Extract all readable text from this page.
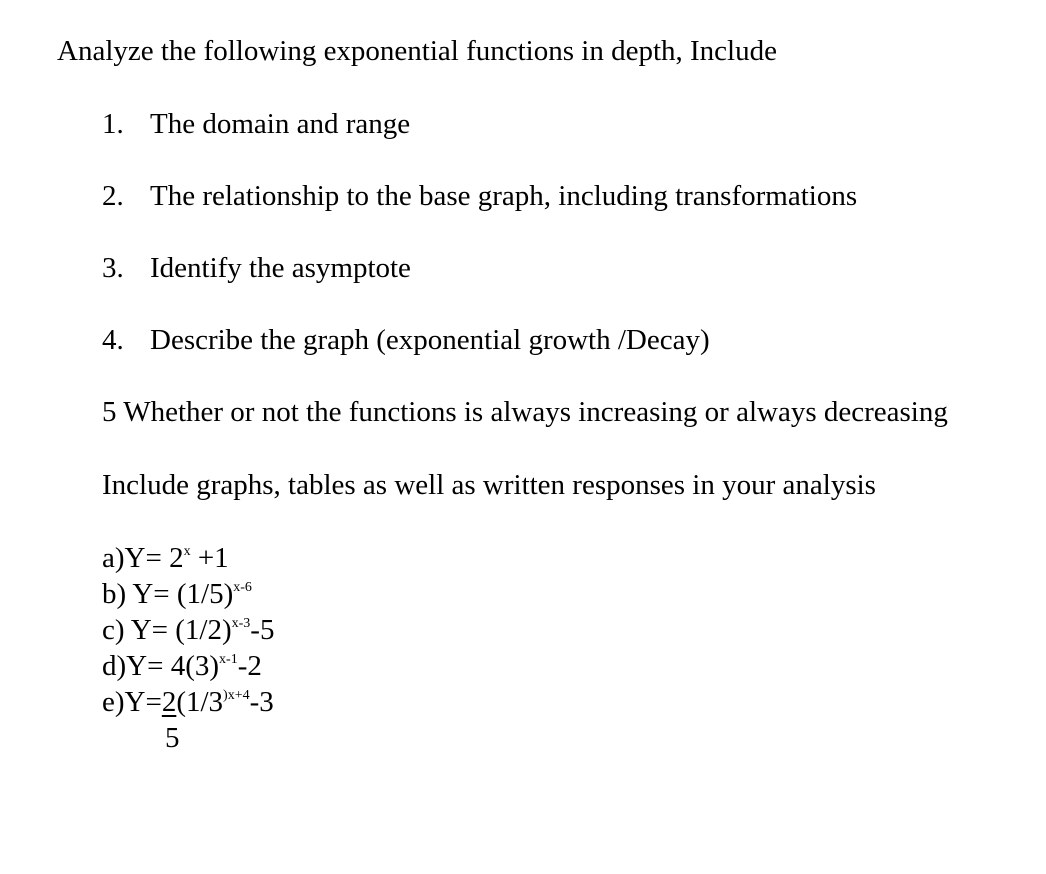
Analyze the following exponential functions in depth, Include
1. The domain and range
2. The relationship to the base graph, including transformations
3. Identify the asymptote
4. Describe the graph (exponential growth /Decay)
5 Whether or not the functions is always increasing or always decreasing
Include graphs, tables as well as written responses in your analysis
$a)Y= 2^x +1$
b) $Y= (1/5)^{x-6}$
c) $Y= (1/2)^{x-3}-5$
$d)Y= 4(3)^{x-1}-2$
$e)Y=2(1/3^{)x+4}-3$
5
